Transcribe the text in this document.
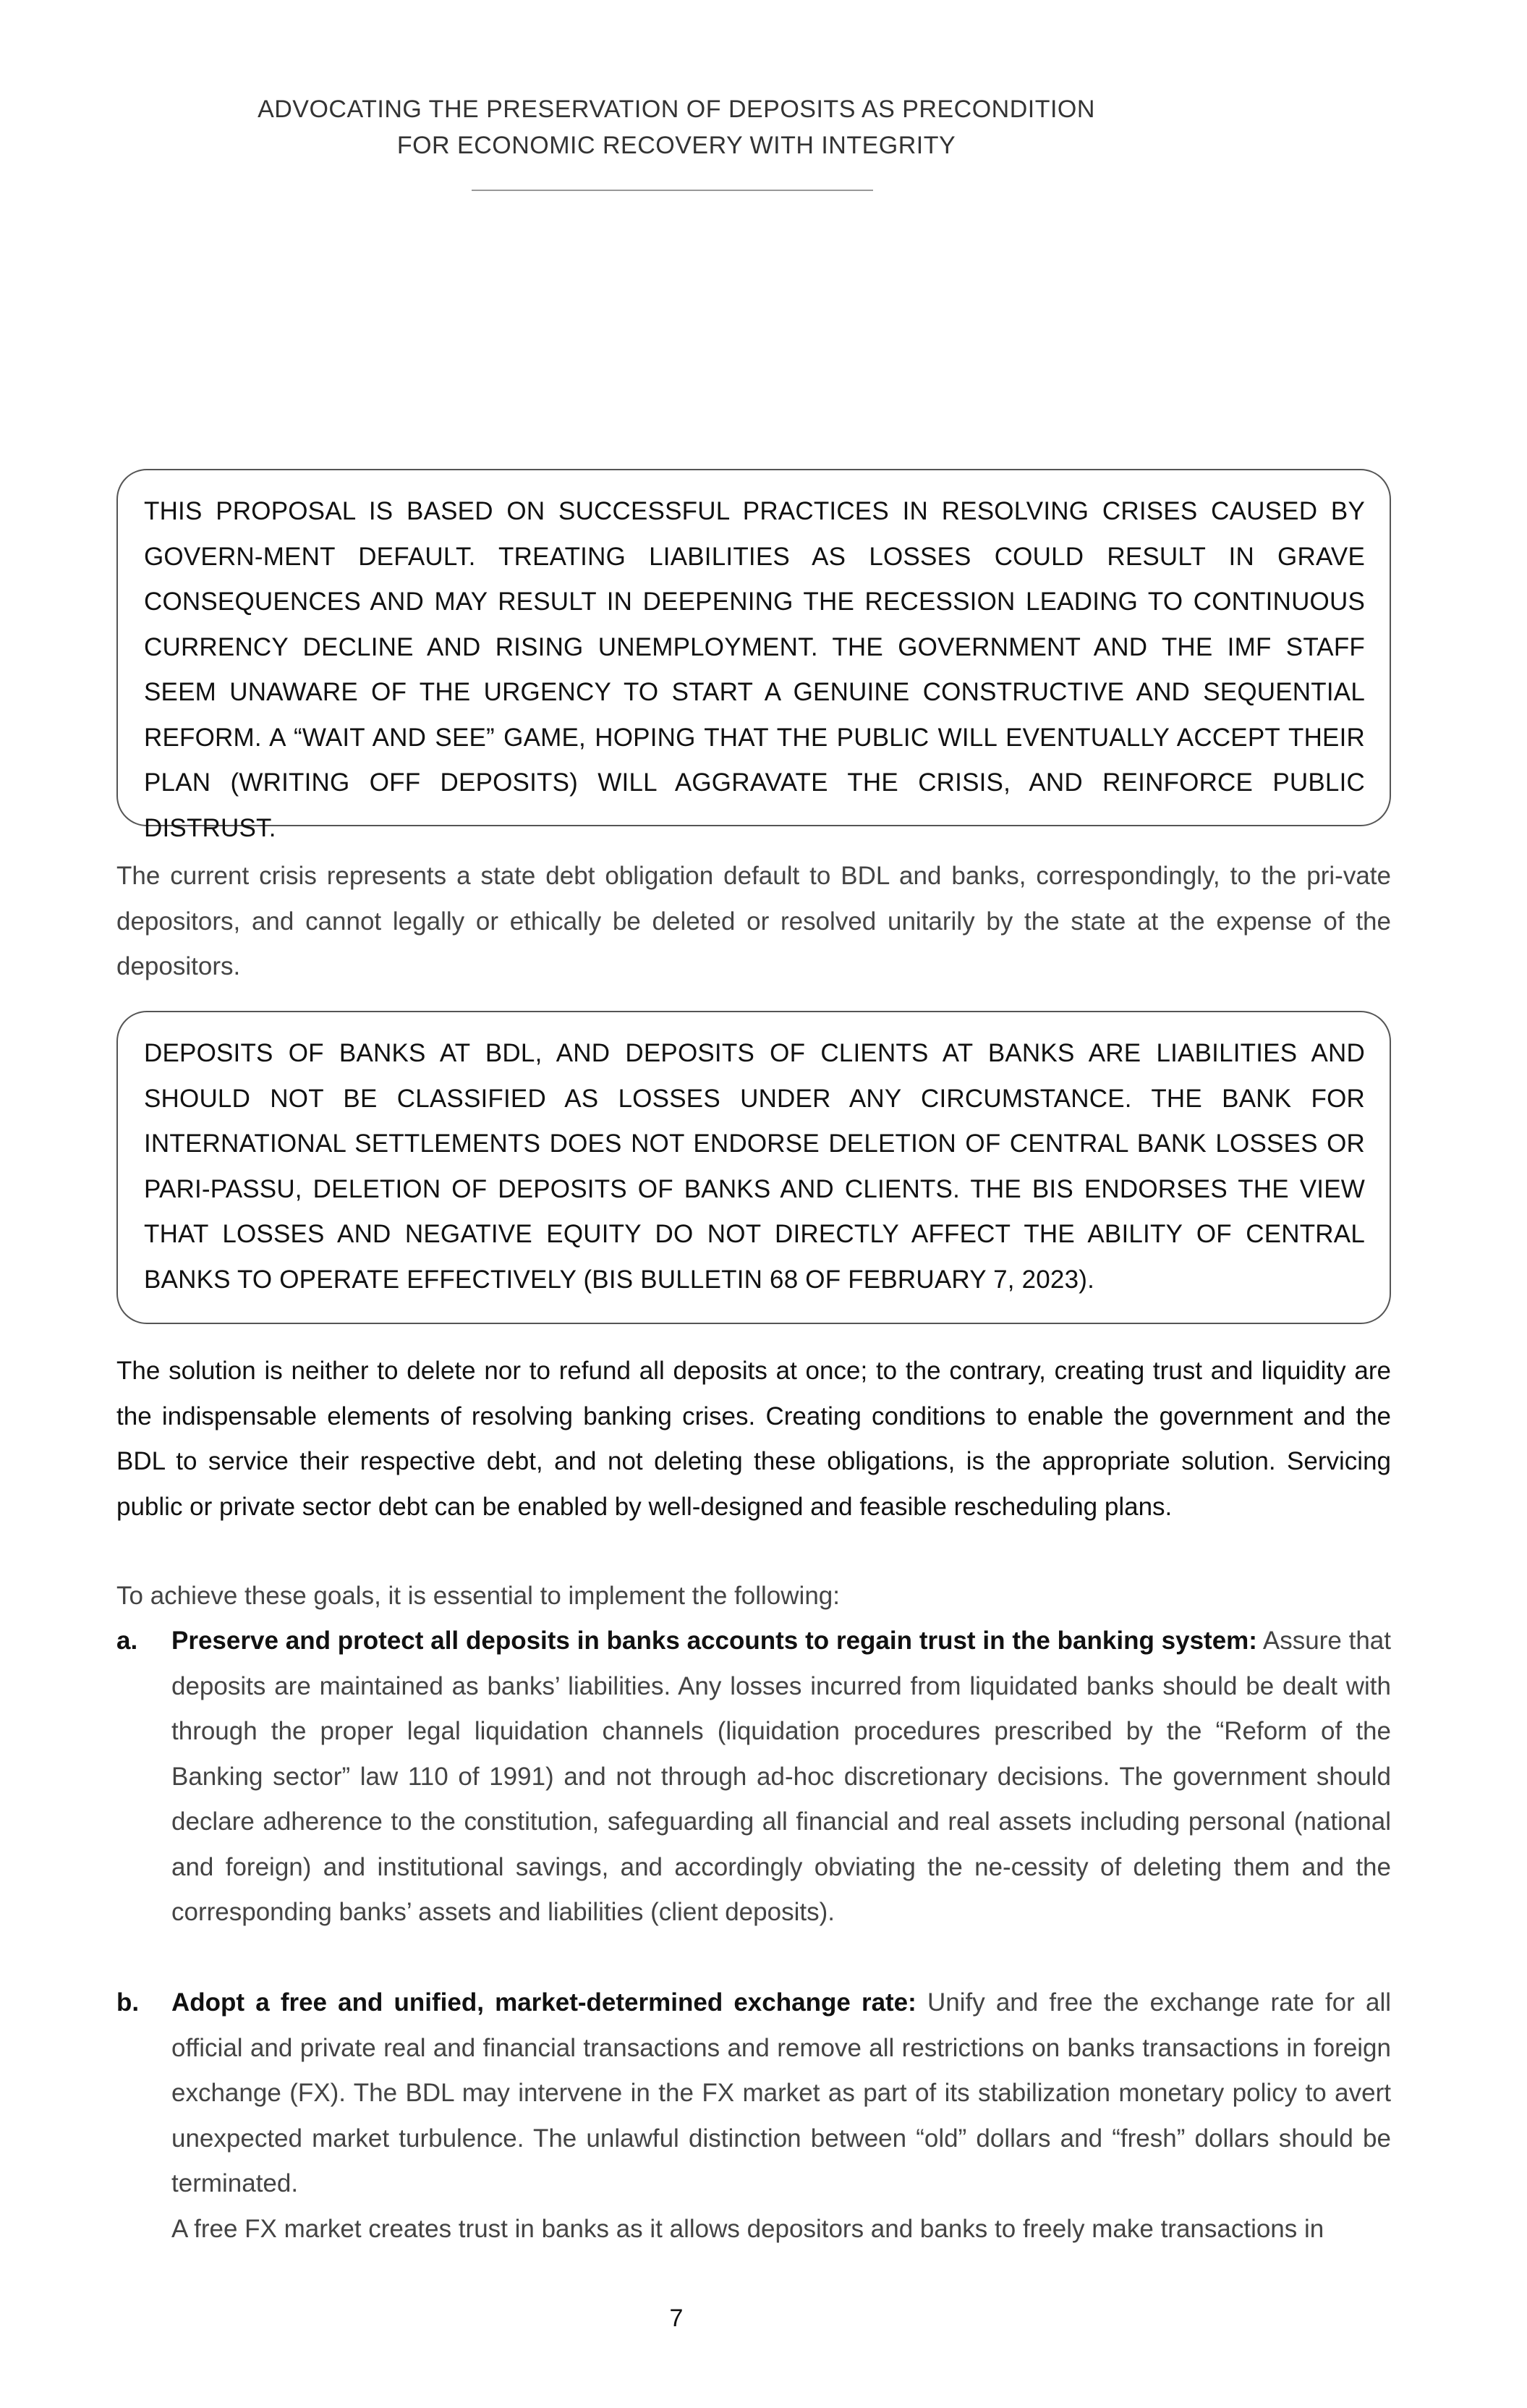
ADVOCATING THE PRESERVATION OF DEPOSITS AS PRECONDITION
FOR ECONOMIC RECOVERY WITH INTEGRITY
THIS PROPOSAL IS BASED ON SUCCESSFUL PRACTICES IN RESOLVING CRISES CAUSED BY GOVERN-MENT DEFAULT. TREATING LIABILITIES AS LOSSES COULD RESULT IN GRAVE CONSEQUENCES AND MAY RESULT IN DEEPENING THE RECESSION LEADING TO CONTINUOUS CURRENCY DECLINE AND RISING UNEMPLOYMENT. THE GOVERNMENT AND THE IMF STAFF SEEM UNAWARE OF THE URGENCY TO START A GENUINE CONSTRUCTIVE AND SEQUENTIAL REFORM. A “WAIT AND SEE” GAME, HOPING THAT THE PUBLIC WILL EVENTUALLY ACCEPT THEIR PLAN (WRITING OFF DEPOSITS) WILL AGGRAVATE THE CRISIS, AND REINFORCE PUBLIC DISTRUST.

The current crisis represents a state debt obligation default to BDL and banks, correspondingly, to the pri-vate depositors, and cannot legally or ethically be deleted or resolved unitarily by the state at the expense of the depositors.

DEPOSITS OF BANKS AT BDL, AND DEPOSITS OF CLIENTS AT BANKS ARE LIABILITIES AND SHOULD NOT BE CLASSIFIED AS LOSSES UNDER ANY CIRCUMSTANCE. THE BANK FOR INTERNATIONAL SETTLEMENTS DOES NOT ENDORSE DELETION OF CENTRAL BANK LOSSES OR PARI-PASSU, DELETION OF DEPOSITS OF BANKS AND CLIENTS. THE BIS ENDORSES THE VIEW THAT LOSSES AND NEGATIVE EQUITY DO NOT DIRECTLY AFFECT THE ABILITY OF CENTRAL BANKS TO OPERATE EFFECTIVELY (BIS BULLETIN 68 OF FEBRUARY 7, 2023).

The solution is neither to delete nor to refund all deposits at once; to the contrary, creating trust and liquidity are the indispensable elements of resolving banking crises. Creating conditions to enable the government and the BDL to service their respective debt, and not deleting these obligations, is the appropriate solution. Servicing public or private sector debt can be enabled by well-designed and feasible rescheduling plans.

To achieve these goals, it is essential to implement the following:

a. Preserve and protect all deposits in banks accounts to regain trust in the banking system: Assure that deposits are maintained as banks’ liabilities. Any losses incurred from liquidated banks should be dealt with through the proper legal liquidation channels (liquidation procedures prescribed by the “Reform of the Banking sector” law 110 of 1991) and not through ad-hoc discretionary decisions. The government should declare adherence to the constitution, safeguarding all financial and real assets including personal (national and foreign) and institutional savings, and accordingly obviating the ne-cessity of deleting them and the corresponding banks’ assets and liabilities (client deposits).
b. Adopt a free and unified, market-determined exchange rate: Unify and free the exchange rate for all official and private real and financial transactions and remove all restrictions on banks transactions in foreign exchange (FX). The BDL may intervene in the FX market as part of its stabilization monetary policy to avert unexpected market turbulence. The unlawful distinction between “old” dollars and “fresh” dollars should be terminated.
A free FX market creates trust in banks as it allows depositors and banks to freely make transactions in
7
